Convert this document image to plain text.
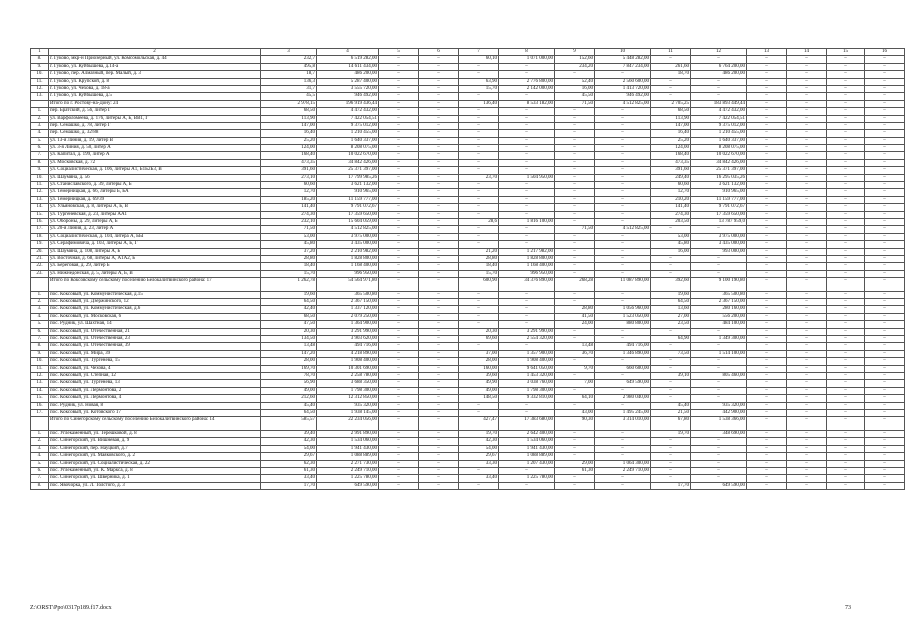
1	2	3	4	5	6	7	8	9	10	11	12	13	14	15	16
8.	г. Гуково, мкр-н Приозерный, ул. Комсомольская, д. 44	232,7	6 519 282,00	–	–	60,10	1 071 000,00	152,60	5 448 282,00	–	–	–	–	–	–
9.	г. Гуково, ул. Куйбышева, д.14-а	495,8	14 611 434,00	–	–	–	–	234,20	7 847 234,00	261,60	6 764 200,00	–	–	–	–
10.	г. Гуково, пер. Алмазный, пер. Малый, д. 3	18,7	486 200,00	–	–	–	–	–	–	18,70	486 200,00	–	–	–	–
11.	г. Гуково, ул. Крупской, д. 8	136,3	5 287 400,00	–	–	63,90	2 776 800,00	52,40	2 560 600,00	–	–	–	–	–	–
12.	г. Гуково, ул. Чехова, д. 18-а	31,7	3 555 720,00	–	–	15,70	2 142 000,00	16,00	1 413 720,00	–	–	–	–	–	–
13.	г. Гуково, ул. Куйбышева, д.5	45,5	946 492,00	–	–	–	–	45,50	946 492,00	–	–	–	–	–	–
	Итого по г. Ростову-на-Дону: 24	2 978,15	196 919 436,44	–	–	136,40	8 533 182,00	71,50	4 512 825,00	2 705,25	183 893 449,44	–	–	–	–
1.	пер. Братский, д. 56, литер Г	68,50	4 472 432,00	–	–	–	–	–	–	68,50	4 472 432,00	–	–	–	–
2.	ул. Варфоломеева, д. 176, литеры А, Б, ВВ1, Г	113,90	7 422 054,51	–	–	–	–	–	–	113,90	7 422 054,51	–	–	–	–
3.	пер. Семашко, д. 78, литер Г	147,00	9 375 012,00	–	–	–	–	–	–	147,00	9 375 012,00	–	–	–	–
4.	пер. Семашко, д. 32/88	16,40	1 210 455,00	–	–	–	–	–	–	16,40	1 210 455,00	–	–	–	–
5.	ул. 13-я Линия, д. 19, литер В	25,20	1 640 337,00	–	–	–	–	–	–	25,20	1 640 337,00	–	–	–	–
6.	ул. 3-я Линия, д. 50, литер А	124,00	8 208 075,00	–	–	–	–	–	–	124,00	8 208 075,00	–	–	–	–
7.	ул. Капитал, д. 199, литер А	168,40	10 022 670,00	–	–	–	–	–	–	168,40	10 022 670,00	–	–	–	–
8.	ул. Московская, д. 72	473,35	34 842 426,00	–	–	–	–	–	–	473,35	34 842 426,00	–	–	–	–
9.	ул. Социалистическая, д. 106, литеры А1, Б1Б2Б3, В	391,60	25 371 397,00	–	–	–	–	–	–	391,60	25 371 397,00	–	–	–	–
10.	ул. Шаумяна, д. 56	273,10	17 799 985,26	–	–	23,70	1 504 950,00	–	–	249,40	16 295 035,26	–	–	–	–
11.	ул. Станиславского, д. 39, литеры А, Б	60,60	3 621 132,00	–	–	–	–	–	–	60,60	3 621 132,00	–	–	–	–
12.	ул. Темерницкая, д. 66, литеры Б, БА	12,70	910 965,00	–	–	–	–	–	–	12,70	910 965,00	–	–	–	–
13.	ул. Темерницкая, д. 69/39	185,20	11 159 777,00	–	–	–	–	–	–	210,20	11 159 777,00	–	–	–	–
14.	ул. Ульяновская, д. 8, литеры А, Б, В	141,40	9 791 072,67	–	–	–	–	–	–	141,40	9 791 072,67	–	–	–	–
15.	ул. Тургеневская, д. 23, литеры АА1	274,30	17 359 650,00	–	–	–	–	–	–	274,30	17 359 650,00	–	–	–	–
16.	ул. Обороны, д. 29, литеры А, Б	232,10	15 604 059,00	–	–	28,6	1 816 100,00	–	–	203,50	13 787 959,0	–	–	–	–
17.	ул. 20-я Линия, д. 23, литер А	71,50	4 512 825,00	–	–	–	–	71,50	4 512 825,00	–	–	–	–	–	–
18.	ул. Социалистическая, д. 104, литера А, БЫ	53,00	3 975 000,00	–	–	–	–	–	–	53,00	3 975 000,00	–	–	–	–
19.	ул. Серафимовича, д. 103, литеры А, Б, Г	45,80	3 435 000,00	–	–	–	–	–	–	45,80	3 435 000,00	–	–	–	–
20.	ул. Шаумяна, д. 108, литеры А, Б	37,20	2 210 982,00	–	–	21,20	1 217 982,00	–	–	16,00	993 000,00	–	–	–	–
21.	ул. Восточная, д. 68, литеры А, А1А2, Б	28,80	1 828 800,00	–	–	28,80	1 828 800,00	–	–	–	–	–	–	–	–
22.	ул. Береговая, д. 29, литер Б	18,40	1 168 400,00	–	–	18,40	1 168 400,00	–	–	–	–	–	–	–	–
23.	ул. Нижнедонская, д. 5, литеры А, Б, В	15,70	996 950,00	–	–	15,70	996 950,00	–	–	–	–	–	–	–	–
	Итого по Коксовскому сельскому поселению Белокалитвинского района: 17	1 262,78	54 564 971,80	–	–	600,90	34 376 890,00	268,28	11 087 890,00	392,60	9 100 190,80	–	–	–	–
1.	пос. Коксовый, ул. Коммунистическая, д.15	19,60	365 500,80	–	–	–	–	–	–	19,60	365 500,80	–	–	–	–
2.	пос. Коксовый, ул. Дзержинского, 12	64,50	2 367 150,00	–	–	–	–	–	–	64,50	2 367 150,00	–	–	–	–
3.	пос. Коксовый, ул. Коммунистическая, д.6	42,40	1 337 120,00	–	–	–	–	28,80	1 056 960,00	13,60	280 160,00	–	–	–	–
4.	пос. Коксовый, ул. Московская, 6	68,50	2 079 250,00	–	–	–	–	41,50	1 523 050,00	27,00	556 200,00	–	–	–	–
5.	пос. Рудник, ул. Шахтная, 14	47,50	1 364 900,00	–	–	–	–	24,00	880 800,00	23,50	484 100,00	–	–	–	–
6.	пос. Коксовый, ул. Отечественная, 21	20,30	3 291 990,00	–	–	20,30	3 291 990,00	–	–	–	–	–	–	–	–
7.	пос. Коксовый, ул. Отечественная, 23	134,50	3 903 620,00	–	–	69,60	2 554 320,00	–	–	64,90	1 349 300,00	–	–	–	–
8.	пос. Коксовый, ул. Отечественная, 39	13,48	494 716,00	–	–	–	–	13,48	494 716,00	–	–	–	–	–	–
9.	пос. Коксовый, ул. Мира, 39	147,20	4 218 890,00	–	–	37,00	1 357 900,00	36,70	1 346 890,00	73,50	1 514 100,00	–	–	–	–
10.	пос. Коксовый, ул. Тургенева, 15	28,00	1 908 400,00	–	–	28,00	1 908 400,00	–	–	–	–	–	–	–	–
11.	пос. Коксовый, ул. Чехова, 4	169,70	10 301 690,00	–	–	160,00	9 641 050,00	9,70	660 600,00	–	–	–	–	–	–
12.	пос. Коксовый, ул. Степная, 12	78,70	2 258 780,00	–	–	39,60	1 453 320,00	–	–	39,10	805 460,00	–	–	–	–
13.	пос. Коксовый, ул. Тургенева, 13	56,90	3 688 350,00	–	–	49,90	3 038 760,00	7,00	649 590,00	–	–	–	–	–	–
14.	пос. Коксовый, ул. Лермонтова, 2	49,00	1 798 300,00	–	–	49,00	1 798 300,00	–	–	–	–	–	–	–	–
15.	пос. Коксовый, ул. Лермонтова, 4	212,60	12 312 850,00	–	–	148,50	9 332 810,00	64,10	2 980 040,00	–	–	–	–	–	–
16.	пос. Рудник, ул. Новая, 8	45,40	935 320,00	–	–	–	–	–	–	45,40	935 320,00	–	–	–	–
17.	пос. Коксовый, ул. Котовского 17	64,50	1 938 145,00	–	–	–	–	43,00	1 495 245,00	21,50	442 900,00	–	–	–	–
	Итого по Синегорскому сельскому поселению Белокалитвинского района: 14	585,57	22 234 056,00	–	–	427,47	17 383 680,00	90,30	3 314 010,00	67,80	1 538 366,00	–	–	–	–
1.	пос. Углекаменный, ул. Терешковой, д. 8	39,40	2 991 890,00	–	–	19,70	2 642 400,00	–	–	19,70	348 690,00	–	–	–	–
2.	пос. Синегорский, ул. Вишневая, д. 9	42,30	1 534 060,00	–	–	42,30	1 534 060,00	–	–	–	–	–	–	–	–
3.	пос. Синегорский, пер. Науцкий, д.7	54,00	1 941 430,00	–	–	54,00	1 941 430,00	–	–	–	–	–	–	–	–
4.	пос. Синегорский, ул. Маяковского, д. 2	29,67	1 088 889,00	–	–	29,67	1 088 889,00	–	–	–	–	–	–	–	–
5.	пос. Синегорский, ул. Социалистическая, д. 22	62,30	2 271 730,00	–	–	33,30	1 207 430,00	29,00	1 064 300,00	–	–	–	–	–	–
6.	пос. Углекаменный, ул. К. Маркса, д. 8	61,30	2 249 710,00	–	–	–	–	61,30	2 249 710,00	–	–	–	–	–	–
7.	пос. Синегорский, ул. Шверника, д. 1	33,40	1 225 780,00	–	–	33,40	1 225 780,00	–	–	–	–	–	–	–	–
8.	пос. Явочорка, ул. Л. Толстого, д. 3	17,70	649 590,00	–	–	–	–	–	–	17,70	649 590,00	–	–	–	–
Z:\ORST\Ppo\0317p189.f17.docx	73
